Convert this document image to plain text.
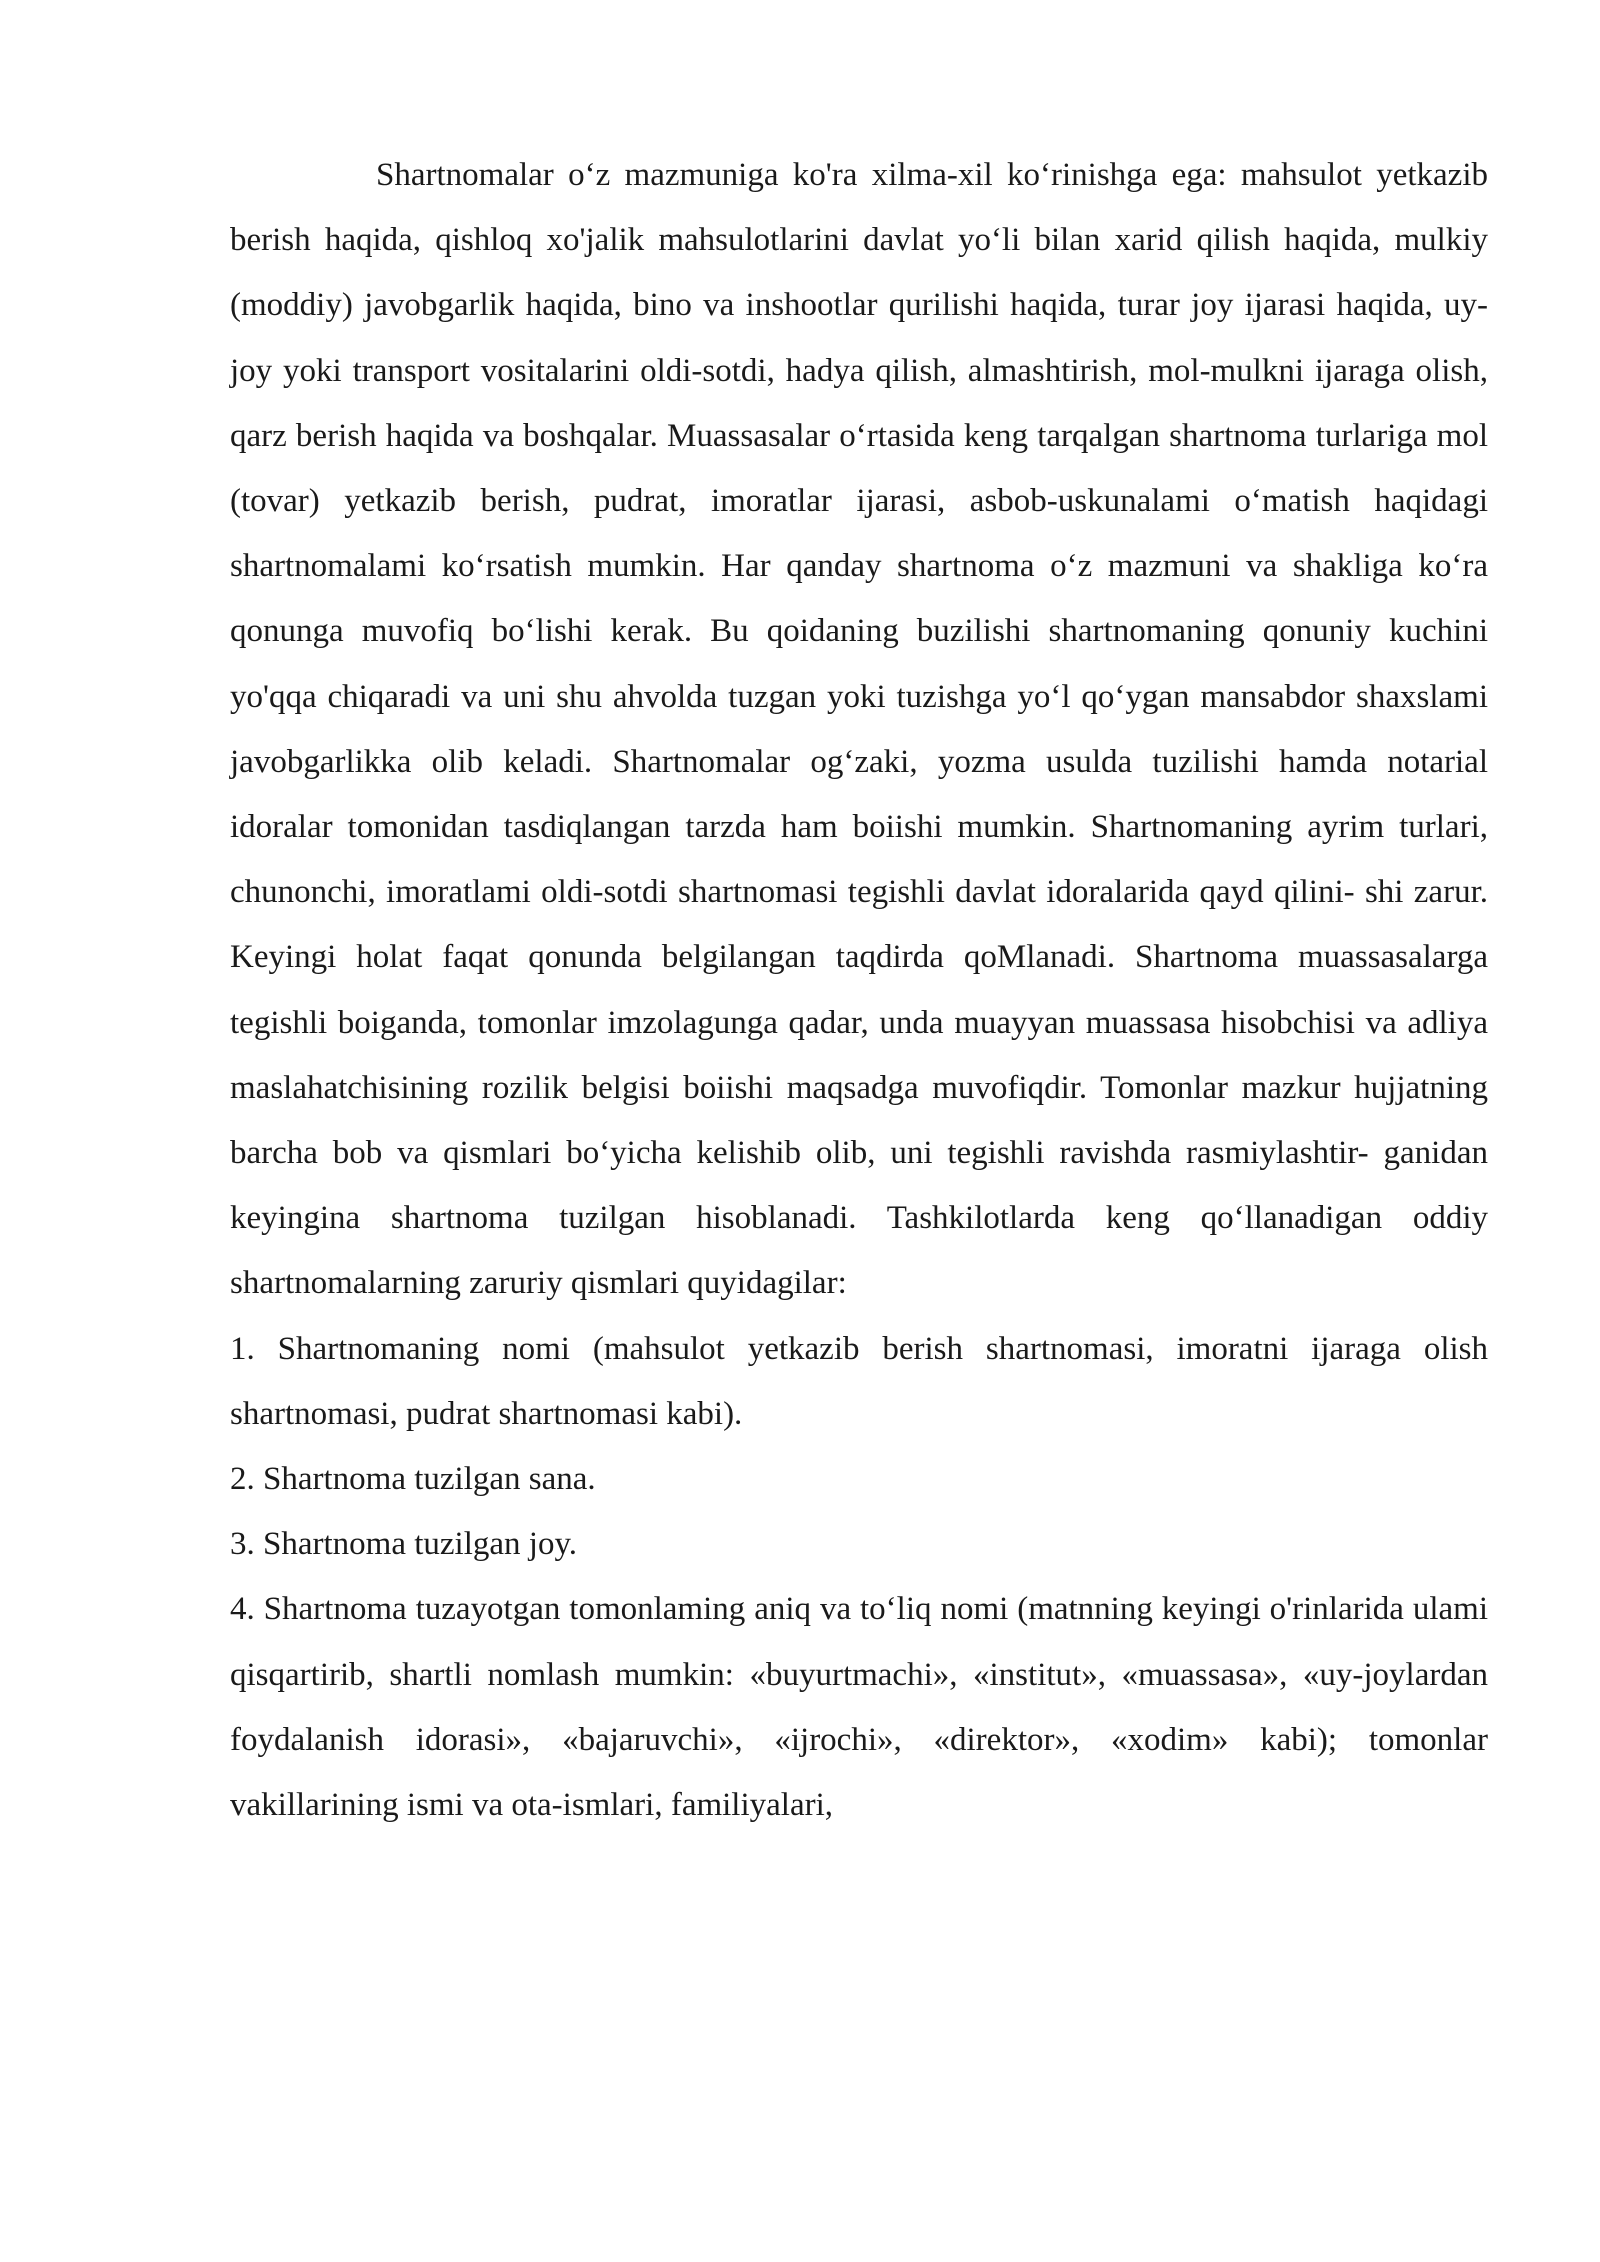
Shartnomalar o‘z mazmuniga ko'ra xilma-xil ko‘rinishga ega: mahsulot yetkazib berish haqida, qishloq xo'jalik mahsulotlarini davlat yo‘li bilan xarid qilish haqida, mulkiy (moddiy) javobgarlik haqida, bino va inshootlar qurilishi haqida, turar joy ijarasi haqida, uy-joy yoki transport vositalarini oldi-sotdi, hadya qilish, almashtirish, mol-mulkni ijaraga olish, qarz berish haqida va boshqalar. Muassasalar o‘rtasida keng tarqalgan shartnoma turlariga mol (tovar) yetkazib berish, pudrat, imoratlar ijarasi, asbob-uskunalami o‘matish haqidagi shartnomalami ko‘rsatish mumkin. Har qanday shartnoma o‘z mazmuni va shakliga ko‘ra qonunga muvofiq bo‘lishi kerak. Bu qoidaning buzilishi shartnomaning qonuniy kuchini yo'qqa chiqaradi va uni shu ahvolda tuzgan yoki tuzishga yo‘l qo‘ygan mansabdor shaxslami javobgarlikka olib keladi. Shartnomalar og‘zaki, yozma usulda tuzilishi hamda notarial idoralar tomonidan tasdiqlangan tarzda ham boiishi mumkin. Shartnomaning ayrim turlari, chunonchi, imoratlami oldi-sotdi shartnomasi tegishli davlat idoralarida qayd qilini- shi zarur. Keyingi holat faqat qonunda belgilangan taqdirda qoMlanadi. Shartnoma muassasalarga tegishli boiganda, tomonlar imzolagunga qadar, unda muayyan muassasa hisobchisi va adliya maslahatchisining rozilik belgisi boiishi maqsadga muvofiqdir. Tomonlar mazkur hujjatning barcha bob va qismlari bo‘yicha kelishib olib, uni tegishli ravishda rasmiylashtir- ganidan keyingina shartnoma tuzilgan hisoblanadi. Tashkilotlarda keng qo‘llanadigan oddiy shartnomalarning zaruriy qismlari quyidagilar:

1. Shartnomaning nomi (mahsulot yetkazib berish shartnomasi, imoratni ijaraga olish shartnomasi, pudrat shartnomasi kabi).

2. Shartnoma tuzilgan sana.

3. Shartnoma tuzilgan joy.

4. Shartnoma tuzayotgan tomonlaming aniq va to‘liq nomi (matnning keyingi o'rinlarida ulami qisqartirib, shartli nomlash mumkin: «buyurtmachi», «institut», «muassasa», «uy-joylardan foydalanish idorasi», «bajaruvchi», «ijrochi», «direktor», «xodim» kabi); tomonlar vakillarining ismi va ota-ismlari, familiyalari,
